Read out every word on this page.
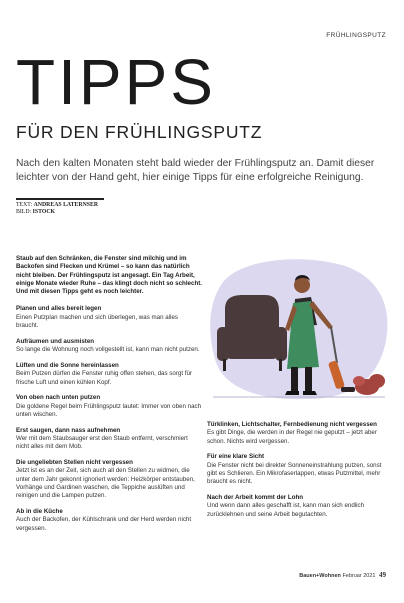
FRÜHLINGSPUTZ
TIPPS
FÜR DEN FRÜHLINGSPUTZ
Nach den kalten Monaten steht bald wieder der Frühlingsputz an. Damit dieser leichter von der Hand geht, hier einige Tipps für eine erfolgreiche Reinigung.
TEXT: ANDREAS LATERNSER
BILD: ISTOCK
Staub auf den Schränken, die Fenster sind milchig und im Backofen sind Flecken und Krümel – so kann das natürlich nicht bleiben. Der Frühlingsputz ist angesagt. Ein Tag Arbeit, einige Monate wieder Ruhe – das klingt doch nicht so schlecht. Und mit diesen Tipps geht es noch leichter.
Planen und alles bereit legen
Einen Putzplan machen und sich überlegen, was man alles braucht.
Aufräumen und ausmisten
So lange die Wohnung noch vollgestellt ist, kann man nicht putzen.
Lüften und die Sonne hereinlassen
Beim Putzen dürfen die Fenster ruhig offen stehen, das sorgt für frische Luft und einen kühlen Kopf.
Von oben nach unten putzen
Die goldene Regel beim Frühlingsputz lautet: Immer von oben nach unten wischen.
Erst saugen, dann nass aufnehmen
Wer mit dem Staubsauger erst den Staub entfernt, verschmiert nicht alles mit dem Mob.
Die ungeliebten Stellen nicht vergessen
Jetzt ist es an der Zeit, sich auch all den Stellen zu widmen, die unter dem Jahr gekonnt ignoriert werden: Heizkörper entstauben, Vorhänge und Gardinen waschen, die Teppiche auslüften und reinigen und die Lampen putzen.
Ab in die Küche
Auch der Backofen, der Kühlschrank und der Herd werden nicht vergessen.
Türklinken, Lichtschalter, Fernbedienung nicht vergessen
Es gibt Dinge, die werden in der Regel nie geputzt – jetzt aber schon. Nichts wird vergessen.
Für eine klare Sicht
Die Fenster nicht bei direkter Sonneneinstrahlung putzen, sonst gibt es Schlieren. Ein Mikrofaserlappen, etwas Putzmittel, mehr braucht es nicht.
Nach der Arbeit kommt der Lohn
Und wenn dann alles geschafft ist, kann man sich endlich zurücklehnen und seine Arbeit begutachten.
Bauen+Wohnen Februar 2021 49
